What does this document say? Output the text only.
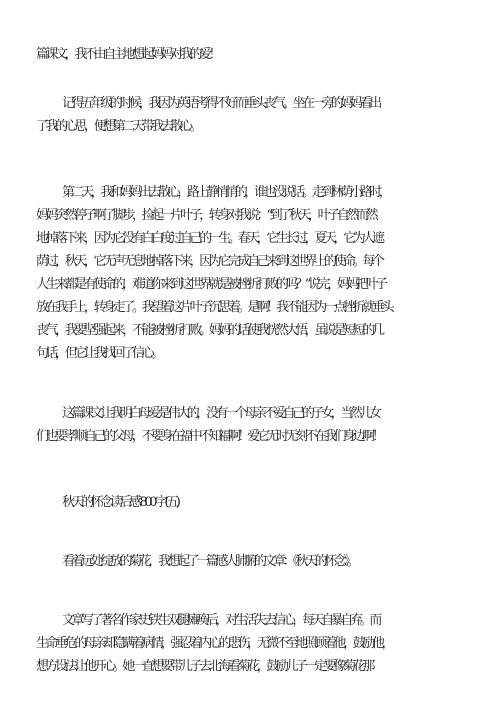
篇课文，我不由自主地想起妈妈对我的爱！
记得五年级的时候，我因为英语考得不好而垂头丧气。坐在一旁的妈妈看出
了我的心思，便想第二天带我去散心。
第二天，我和妈妈出去散心，路上静悄悄的，谁也没说话。走到林荫小路时，
妈妈突然停子啊了脚步，捡起一片叶子，转身对我说：“到了秋天，叶子自然而然
地掉落下来，因为它没有白白度过自己的一生。春天，它生长过，夏天，它为人遮
荫过，秋天，它无声无息地掉落下来，因为它完成自己来到这世界上的使命。每个
人生来都是有使命的，难道你来到这世界就是被挫折打败的吗？”说完，妈妈把叶子
放在我手上，转身走了。我望着这片叶子沉思着。是啊！我不能因为一点挫折就垂头
丧气，我要坚强起来，不能被挫折打败。妈妈的话使我恍然大悟，虽说是短短的几
句话，但它让我找回了信心。
这篇课文让我明白母爱是伟大的，没有一个母亲不爱自己的子女，当然儿女
们也要孝顺自己的父母，不要身在福中不知福啊！爱它无时无刻不在我们身边啊！
秋天的怀念读后感 800 字(五)
看着远处绽放的菊花，我想起了一篇感人肺腑的文章：《秋天的怀念》。
文章写了著名作家史铁生双腿瘫痪后，对生活失去信心，每天自暴自弃。而
生命垂危的母亲却隐瞒着病情，强忍着内心的悲伤，无微不至地照顾着他，鼓励他，
想方设法让他开心。她一直想要带儿子去北海看菊花，鼓励儿子一定要像菊花那
